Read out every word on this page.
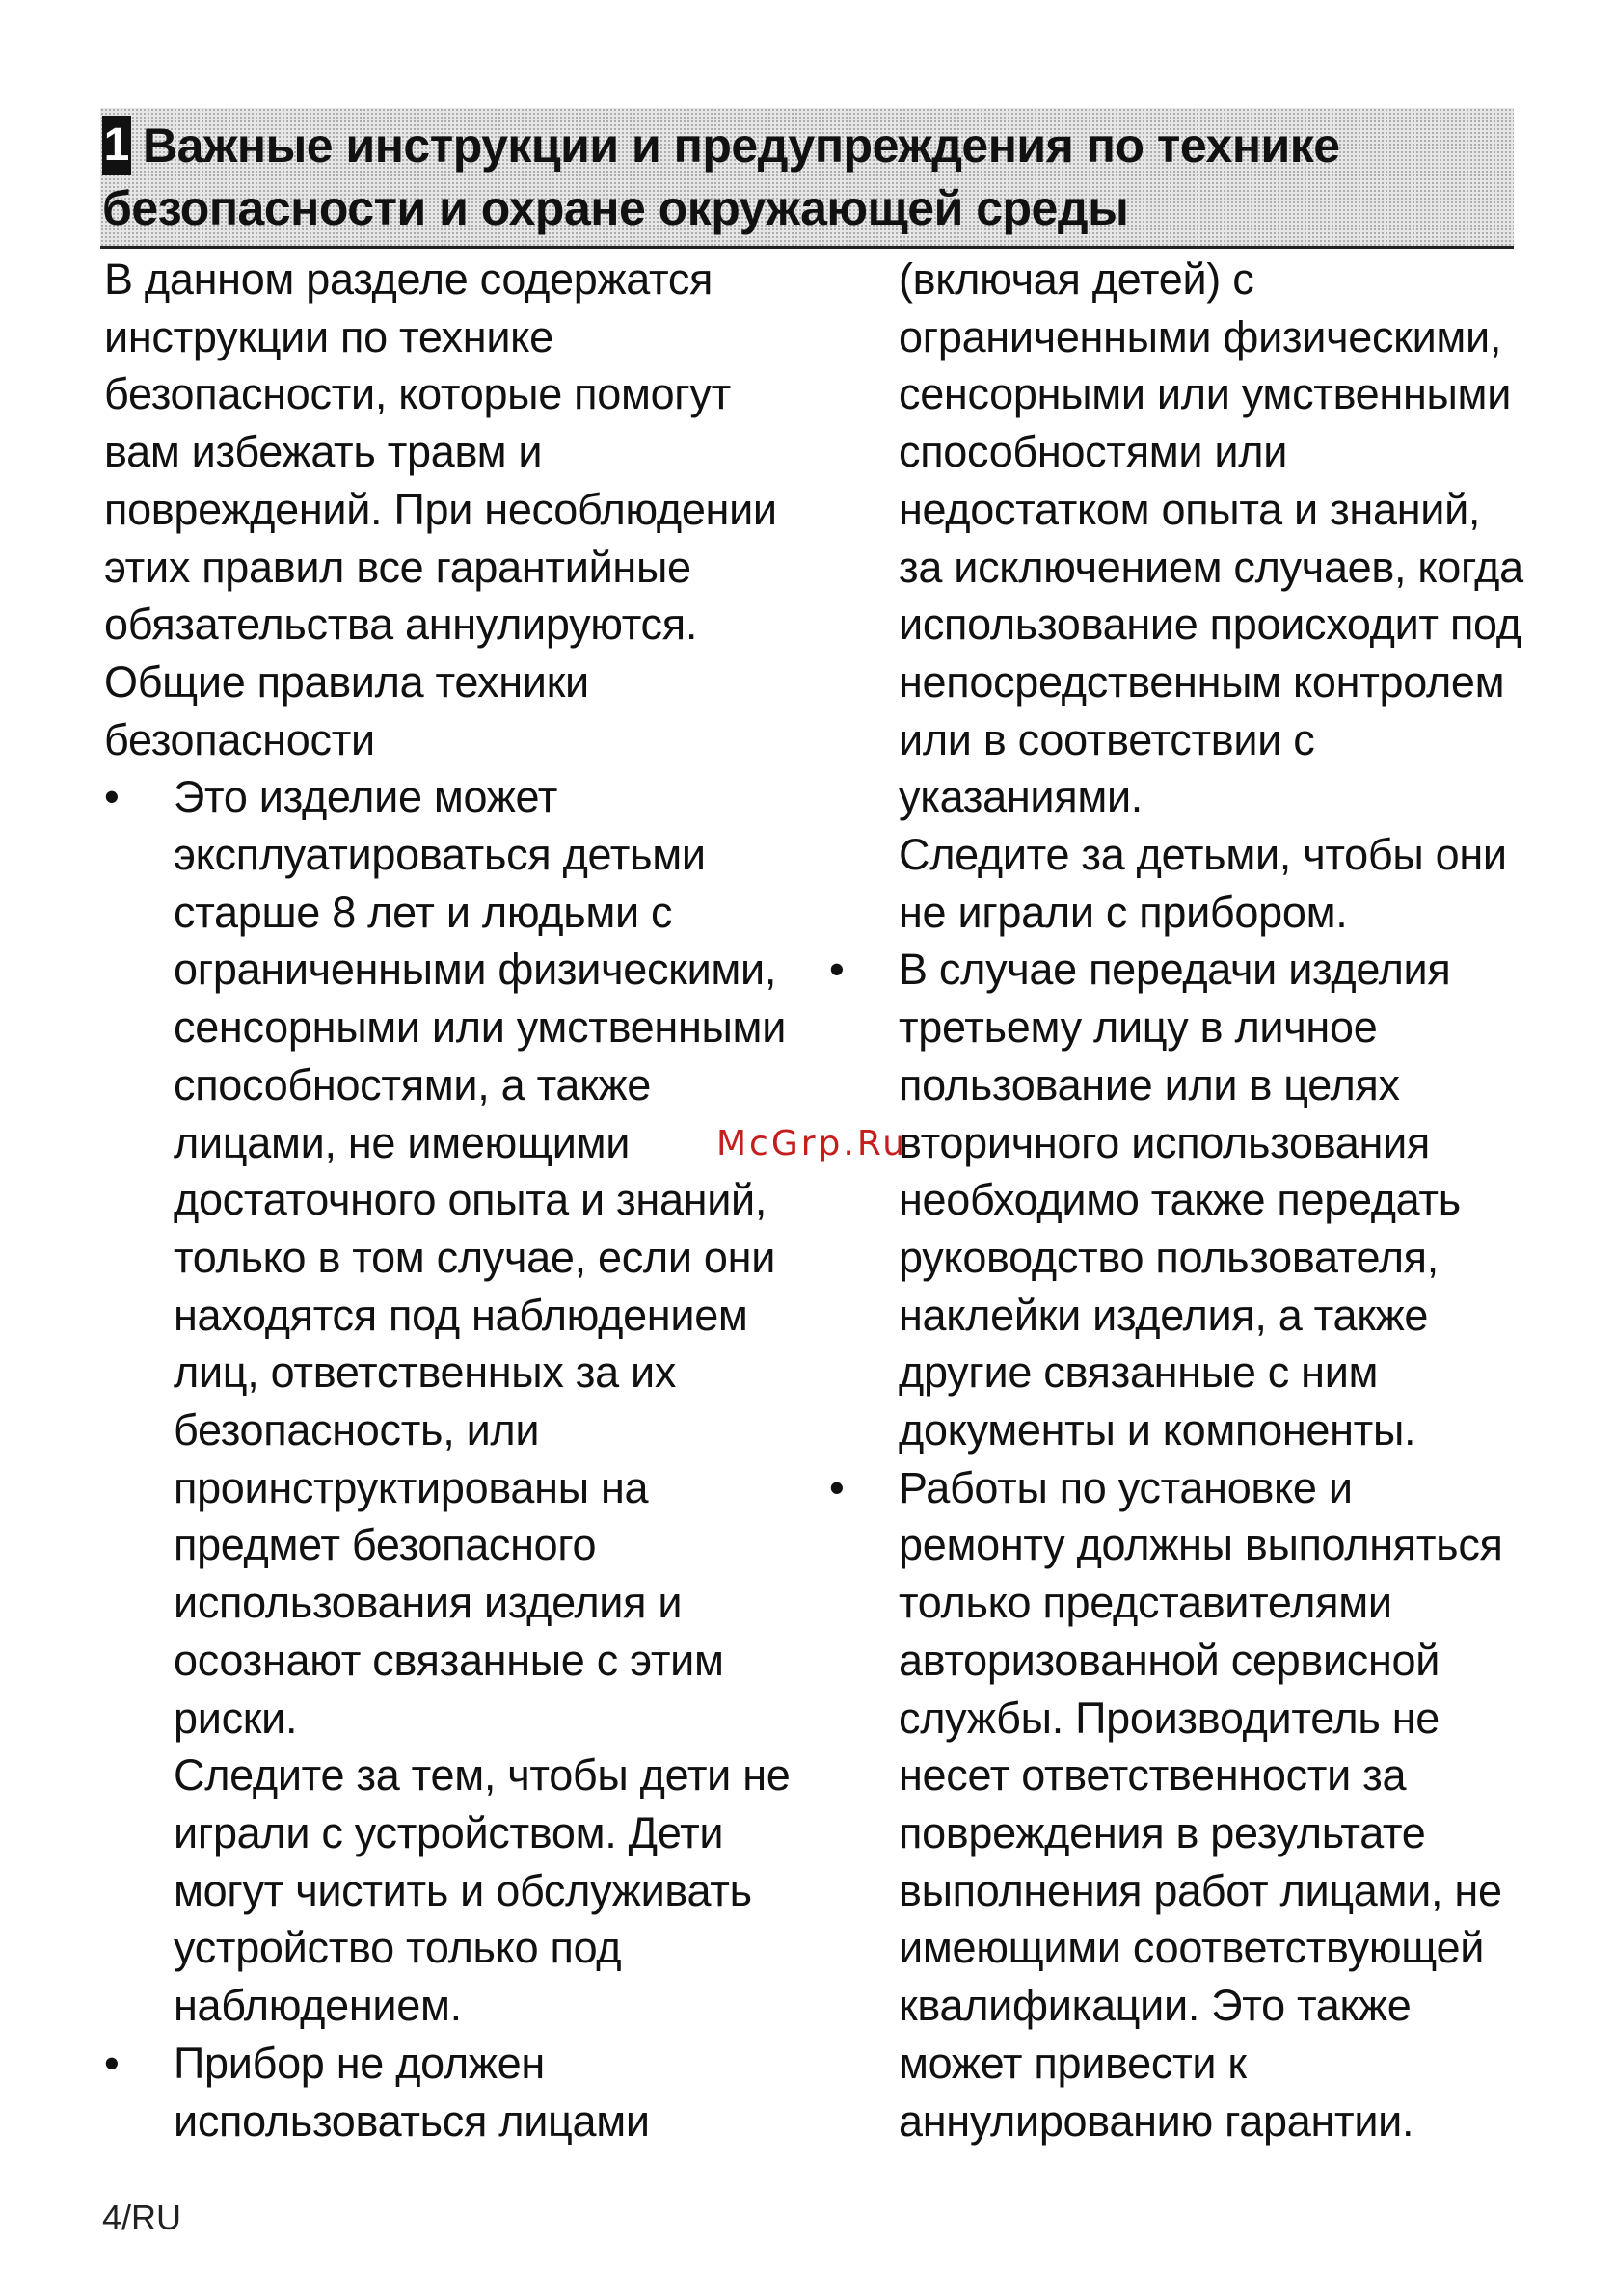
1 Важные инструкции и предупреждения по технике
безопасности и охране окружающей среды

В данном разделе содержатся
инструкции по технике
безопасности, которые помогут
вам избежать травм и
повреждений. При несоблюдении
этих правил все гарантийные
обязательства аннулируются.

Общие правила техники
безопасности

• Это изделие может
эксплуатироваться детьми
старше 8 лет и людьми с
ограниченными физическими,
сенсорными или умственными
способностями, а также
лицами, не имеющими
достаточного опыта и знаний,
только в том случае, если они
находятся под наблюдением
лиц, ответственных за их
безопасность, или
проинструктированы на
предмет безопасного
использования изделия и
осознают связанные с этим
риски.
Следите за тем, чтобы дети не
играли с устройством. Дети
могут чистить и обслуживать
устройство только под
наблюдением.

• Прибор не должен
использоваться лицами

(включая детей) с
ограниченными физическими,
сенсорными или умственными
способностями или
недостатком опыта и знаний,
за исключением случаев, когда
использование происходит под
непосредственным контролем
или в соответствии с
указаниями.
Следите за детьми, чтобы они
не играли с прибором.

• В случае передачи изделия
третьему лицу в личное
пользование или в целях
вторичного использования
необходимо также передать
руководство пользователя,
наклейки изделия, а также
другие связанные с ним
документы и компоненты.

• Работы по установке и
ремонту должны выполняться
только представителями
авторизованной сервисной
службы. Производитель не
несет ответственности за
повреждения в результате
выполнения работ лицами, не
имеющими соответствующей
квалификации. Это также
может привести к
аннулированию гарантии.

McGrp.Ru
4/RU
